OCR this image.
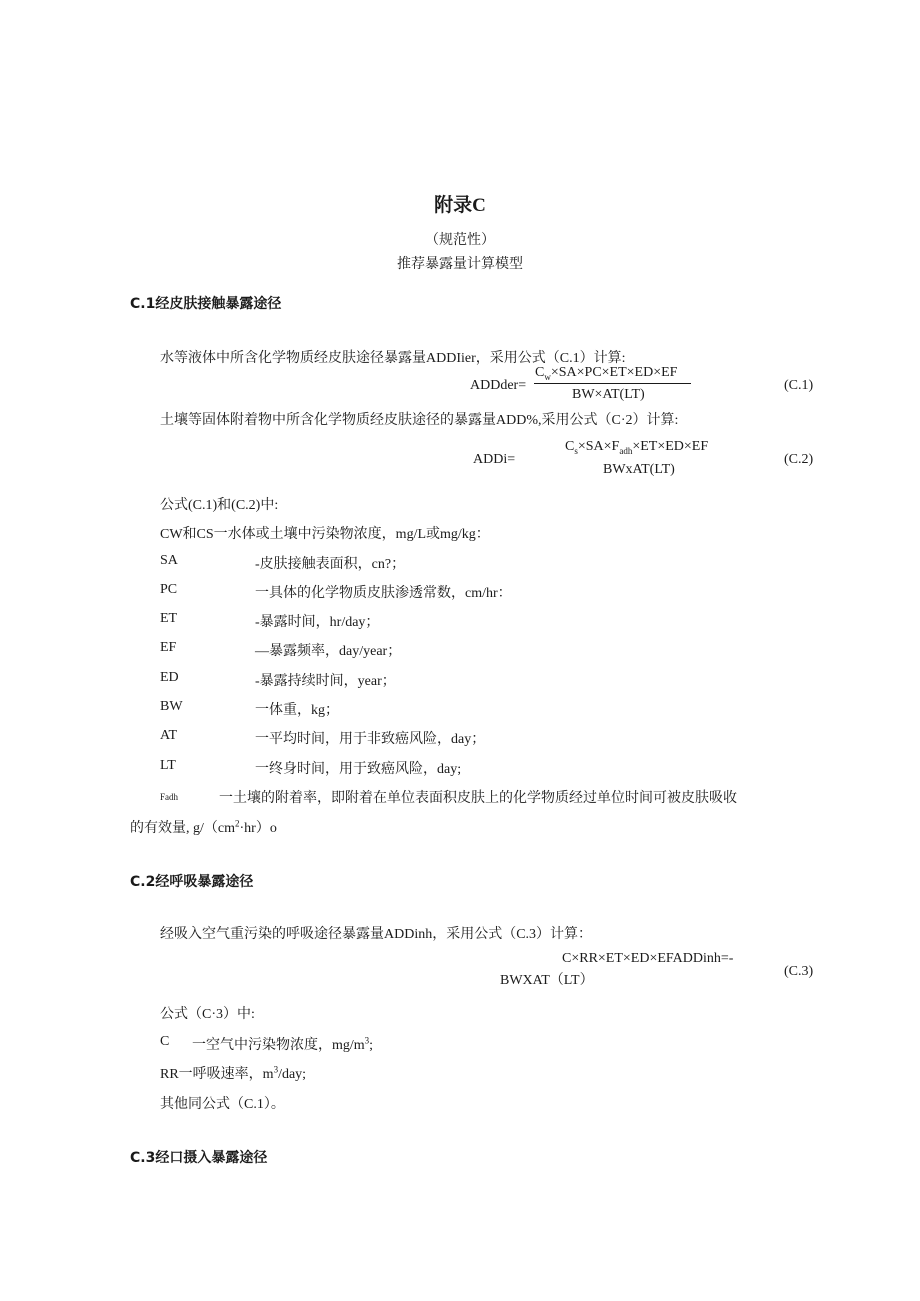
附录C
（规范性）
推荐暴露量计算模型
C.1经皮肤接触暴露途径
水等液体中所含化学物质经皮肤途径暴露量ADDIier，采用公式（C.1）计算:
ADDder=
$C_w\times SA\times PC\times ET\times ED\times EF$
BW×AT(LT)
(C.1)
土壤等固体附着物中所含化学物质经皮肤途径的暴露量ADD%,采用公式（C·2）计算:
ADDi=
$C_s\times SA\times F_{adh}\times ET\times ED\times EF$
BWxAT(LT)
(C.2)
公式(C.1)和(C.2)中:
CW和CS一水体或土壤中污染物浓度，mg/L或mg/kg：
SA	-皮肤接触表面积，cn?；
PC	一具体的化学物质皮肤渗透常数，cm/hr：
ET	-暴露时间，hr/day；
EF	—暴露频率，day/year；
ED	-暴露持续时间，year；
BW	一体重，kg；
AT	一平均时间，用于非致癌风险，day；
LT	一终身时间，用于致癌风险，day;
Fadh	一土壤的附着率，即附着在单位表面积皮肤上的化学物质经过单位时间可被皮肤吸收
的有效量, $g/(cm^2\cdot hr)o$
C.2经呼吸暴露途径
经吸入空气重污染的呼吸途径暴露量ADDinh，采用公式（C.3）计算：
C×RR×ET×ED×EFADDinh=-
BWXAT（LT）
(C.3)
公式（C·3）中:
C 一空气中污染物浓度，$mg/m^3$;
RR一呼吸速率，$m^3$/day;
其他同公式（C.1）。
C.3经口摄入暴露途径
